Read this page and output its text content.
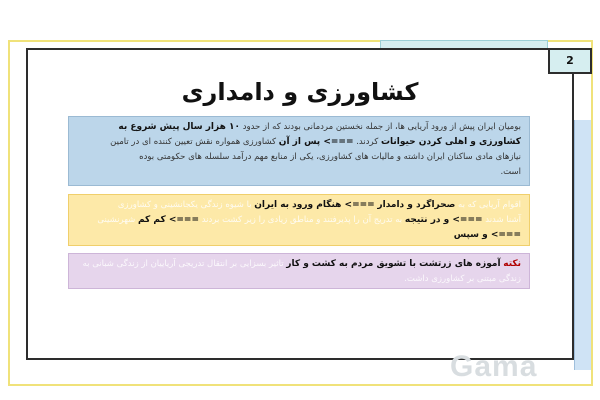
2
کشاورزی و دامداری
بومیان ایران پیش از ورود آریایی ها، از جمله نخستین مردمانی بودند که از حدود ۱۰ هزار سال پیش شروع به
کشاورزی و اهلی کردن حیوانات کردند. ===> پس از آن کشاورزی همواره نقش تعیین کننده ای در تامین
نیازهای مادی ساکنان ایران داشته و مالیات های کشاورزی، یکی از منابع مهم درآمد سلسله های حکومتی بوده
است.
اقوام آریایی که به صحراگرد و دامدار ===> هنگام ورود به ایران با شیوه زندگی یکجانشینی و کشاورزی
آشنا شدند ===> و در نتیجه به تدریج آن را پذیرفتند و مناطق زیادی را زیر کشت بردند ===> کم کم شهرنشینی
===> و سپس
نکته آموزه های زرتشت با تشویق مردم به کشت و کار تاثیر بسزایی بر انتقال تدریجی آریاییان از زندگی شبانی به
زندگی مبتنی بر کشاورزی داشت.
Gama
